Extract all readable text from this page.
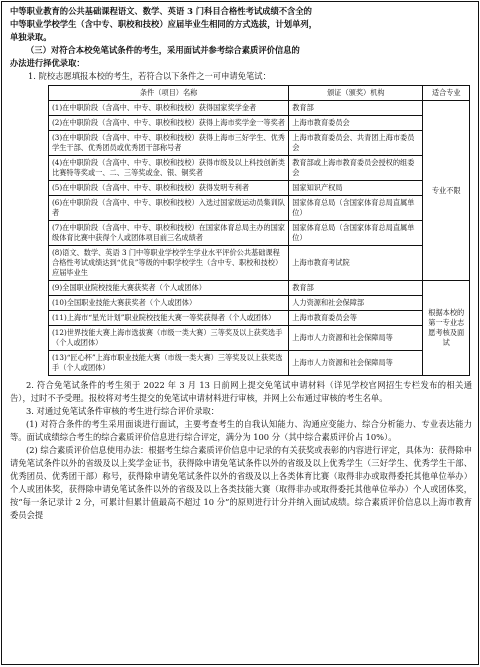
中等职业教育的公共基础课程语文、数学、英语 3 门科目合格性考试成绩不含全的

中等职业学校学生（含中专、职校和技校）应届毕业生相同的方式选拔，计划单列，

单独录取。

（三）对符合本校免笔试条件的考生，采用面试并参考综合素质评价信息的

办法进行择优录取：

1. 院校志愿填报本校的考生，若符合以下条件之一可申请免笔试：

条件（项目）名称	颁证（颁奖）机构	适合专业
(1)在中职阶段（含高中、中专、职校和技校）获得国家奖学金者	教育部	专业不限
(2)在中职阶段（含高中、中专、职校和技校）获得上海市奖学金一等奖者	上海市教育委员会	
(3)在中职阶段（含高中、中专、职校和技校）获得上海市三好学生、优秀学生干部、优秀团员或优秀团干部称号者	上海市教育委员会、共青团上海市委员会	
(4)在中职阶段（含高中、中专、职校和技校）获得市级及以上科技创新类比赛特等奖或一、二、三等奖或金、银、铜奖者	教育部或上海市教育委员会授权的组委会	
(5)在中职阶段（含高中、中专、职校和技校）获得发明专利者	国家知识产权局	
(6)在中职阶段（含高中、中专、职校和技校）入选过国家级运动员集训队者	国家体育总局（含国家体育总局直属单位）	
(7)在中职阶段（含高中、中专、职校和技校）在国家体育总局主办的国家级体育比赛中获得个人或团体项目前三名成绩者	国家体育总局（含国家体育总局直属单位）	
(8)语文、数学、英语 3 门中等职业学校学生学业水平评价公共基础课程合格性考试成绩达到“优良”等级的中职学校学生（含中专、职校和技校）应届毕业生	上海市教育考试院	
(9)全国职业院校技能大赛获奖者（个人或团体）	教育部	根据本校的第一专业志愿考核及面试
(10)全国职业技能大赛获奖者（个人或团体）	人力资源和社会保障部	
(11)上海市“星光计划”职业院校技能大赛一等奖获得者（个人或团体）	上海市教育委员会等	
(12)世界技能大赛上海市选拔赛（市级一类大赛）三等奖及以上获奖选手（个人或团体）	上海市人力资源和社会保障局等	
(13)“匠心杯”上海市职业技能大赛（市级一类大赛）三等奖及以上获奖选手（个人或团体）	上海市人力资源和社会保障局等	

2. 符合免笔试条件的考生须于 2022 年 3 月 13 日前网上提交免笔试申请材料（详见学校官网招生专栏发布的相关通告），过时不予受理。报校将对考生提交的免笔试申请材料进行审核，并网上公布通过审核的考生名单。

3. 对通过免笔试条件审核的考生进行综合评价录取：

(1) 对符合条件的考生采用面谈进行面试，主要考查考生的自我认知能力、沟通应变能力、综合分析能力、专业表达能力等。面试成绩综合考生的综合素质评价信息进行综合评定，满分为 100 分（其中综合素质评价占 10%）。

(2) 综合素质评价信息使用办法：根据考生综合素质评价信息中记录的有关获奖或表彰的内容进行评定，具体为：获得除申请免笔试条件以外的省级及以上奖学金证书，获得除申请免笔试条件以外的省级及以上优秀学生（三好学生、优秀学生干部、优秀团员、优秀团干部）称号，获得除申请免笔试条件以外的省级及以上各类体育比赛（取得非办或取得委托其他单位举办）个人或团体奖，获得除申请免笔试条件以外的省级及以上各类技能大赛（取得非办或取得委托其他单位举办）个人或团体奖，按“每一条记录计 2 分，可累计但累计值最高不超过 10 分”的原则进行计分并纳入面试成绩。综合素质评价信息以上海市教育委员会提
